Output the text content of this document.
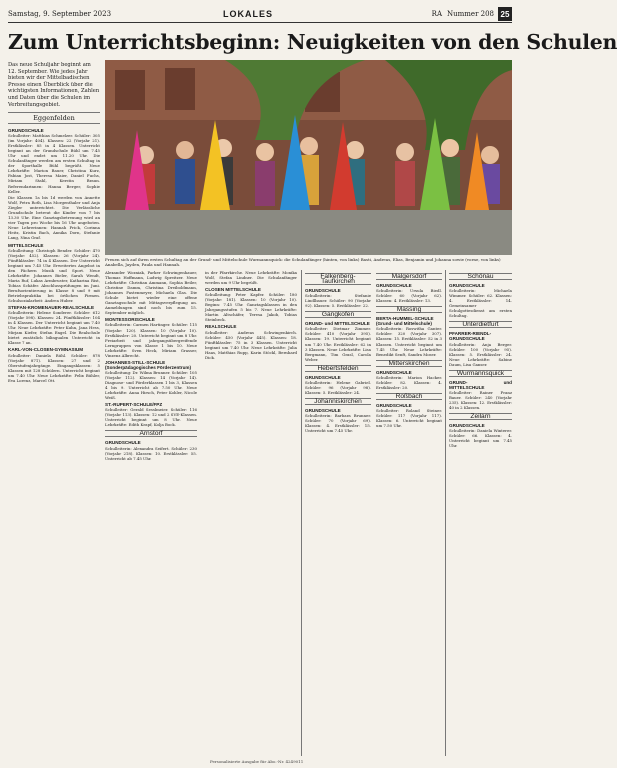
Samstag, 9. September 2023	LOKALES	RA Nummer 208 25
Zum Unterrichtsbeginn: Neuigkeiten von den Schulen
Das neue Schuljahr beginnt am 12. September. Wie jedes Jahr bieten wir der Mittelbadischen Presse einen Überblick über die wichtigsten Informationen, Zahlen und Daten über die Schulen im Verbreitungsgebiet.
Eggenfelden
GRUNDSCHULE

Schulleiter: Matthias Schmelzer. Schüler: 305 (im Vorjahr: 404). Klassen: 22 (Vorjahr 21). Erstklässler: 85 in 4 Klassen. Unterricht beginnt an der Grundschule Bühl um 7.45 Uhr und endet um 11.20 Uhr. Die Schulanfänger werden am ersten Schultag in der Sporthalle Bühl begrüßt. Neue Lehrkräfte: Marion Bauer, Christina Kurz, Fabian Jost, Theresa Maier, Daniel Fuchs, Miriam Stahl, Kerstin Braun. Referendarinnen: Hanna Berger, Sophie Keller.

Die Klassen 1a bis 1d werden von Annette Wolf, Petra Roth, Lisa Morgenthaler und Anja Ziegler unterrichtet. Die Verlässliche Grundschule betreut die Kinder von 7 bis 13.30 Uhr. Eine Ganztagsbetreuung wird an vier Tagen pro Woche bis 16 Uhr angeboten. Neue Lehrerinnen: Hannah Frick, Corinna Heitz, Kristin Bach, Annika Dorn, Stefanie Lang, Nina Graf.

MITTELSCHULE

Schulleitung: Christoph Bender. Schüler: 470 (Vorjahr: 452). Klassen: 26 (Vorjahr 24). Fünftklässler: 74 in 4 Klassen. Der Unterricht beginnt um 7.45 Uhr. Erweitertes Angebot in den Fächern Musik und Sport. Neue Lehrkräfte: Johannes Bieler, Sarah Wendt, Maria Ruf, Lukas Armbruster, Katharina Rist, Tobias Schäfer. Abschlussprüfungen im Juni. Berufsorientierung in Klasse 8 und 9 mit Betriebspraktika bei örtlichen Firmen. Schulsozialarbeit: Andrea Huber.

STEFAN-KROMENAUER-REALSCHULE

Schulleiterin: Helene Sonderer. Schüler: 612 (Vorjahr 598). Klassen: 24. Fünftklässler: 104 in 4 Klassen. Der Unterricht beginnt um 7.40 Uhr. Neue Lehrkräfte: Peter Kuhn, Jana Hess, Mirjam Kiefer, Stefan Engel. Die Realschule bietet zusätzlich bilingualen Unterricht in Klasse 7 an.

KARL-VON-CLOSEN-GYMNASIUM

Schulleiter: Daniela Rühl. Schüler: 878 (Vorjahr 871). Klassen: 27 und 2 Oberstufenjahrgänge. Eingangsklassen: 5 Klassen mit 128 Schülern. Unterricht beginnt um 7.40 Uhr. Neue Lehrkräfte: Felix Bühler, Eva Lorenz, Marcel Ott.

Freuen sich auf ihren ersten Schultag an der Grund- und Mittelschule Wurmannsquick: die Schulanfänger (hinten, von links) Basti, Andreas, Elias, Benjamin und Johanna sowie (vorne, von links) Anabella, Jayden, Paula und Hannah.

Alexander Wozniak, Parker Schwingenhauer, Thomas Hoffmann, Ludwig Spreitzer. Neue Lehrkräfte: Christian Ammann, Sophia Beiler, Christine Damm, Christina Dreiboldmann, Johannes Fastenmeyer, Michaela Glas. Die Schule bietet wieder eine offene Ganztagsschule mit Mittagsverpflegung an. Anmeldungen sind noch bis zum 15. September möglich.

MONTESSORISCHULE

Schulleiterin: Carmen Hartinger. Schüler: 115 (Vorjahr: 120). Klassen: 10 (Vorjahr 10). Erstklässler: 20. Unterricht beginnt um 8 Uhr. Freiarbeit und jahrgangsübergreifende Lerngruppen von Klasse 1 bis 10. Neue Lehrkräfte: Sven Heck, Miriam Grasser, Vinzenz Albrecht.

JOHANNES-STILL-SCHULE (Sonderpädagogisches Förderzentrum)

Schulleitung: Dr. Wilma Brunner. Schüler: 105 (Vorjahr 112). Klassen: 14 (Vorjahr 14). Diagnose- und Förderklassen 1 bis 3, Klassen 4 bis 9. Unterricht ab 7.50 Uhr. Neue Lehrkräfte: Anna Hirsch, Peter Kohler, Nicole Weiß.

ST.-RUPERT-SCHULE/FPZ

Schulleiter: Gerald Sesslmeier. Schüler: 116 (Vorjahr 113). Klassen: 12 und 2 SVE-Klassen. Unterricht beginnt um 8 Uhr. Neue Lehrkräfte: Edith Krapf, Kolja Bock.

Arnstorf
GRUNDSCHULE

Schulleiterin: Alexandra Seifert. Schüler: 230 (Vorjahr 218). Klassen: 10. Erstklässler: 55. Unterricht ab 7.45 Uhr.

in der Pfarrkirche. Neue Lehrkräfte: Monika Wolf, Stefan Lindner. Die Schulanfänger werden um 9 Uhr begrüßt.

CLOSEN MITTELSCHULE

Schulleitung: Peter Kapfer. Schüler: 180 (Vorjahr: 181). Klassen: 10 (Vorjahr 10). Beginn: 7.45 Uhr. Ganztagsklassen in den Jahrgangsstufen 5 bis 7. Neue Lehrkräfte: Martin Altschäfer, Teresa Jakob, Tobias Steinbeck.

REALSCHULE

Schulleiter: Andreas Schwingenkirch. Schüler: 450 (Vorjahr 445). Klassen: 18. Fünftklässler: 75 in 3 Klassen. Unterricht beginnt um 7.40 Uhr. Neue Lehrkräfte: Julia Haas, Matthias Rupp, Karin Stöckl, Bernhard Dick.

Falkenberg-Taufkirchen
GRUNDSCHULE

Schulleiterin: Stefanie Lindlbauer. Schüler: 90 (Vorjahr 92). Klassen: 5. Erstklässler: 22.

Gangkofen
GRUND- und MITTELSCHULE

Schulleiter: Dietmar Zimmer. Schüler: 410 (Vorjahr 395). Klassen: 19. Unterricht beginnt um 7.40 Uhr. Erstklässler: 62 in 3 Klassen. Neue Lehrkräfte: Lisa Bergmann, Tim Grasl, Carola Weber.

Hebertsfelden
GRUNDSCHULE

Schulleiterin: Helene Gabriel. Schüler: 96 (Vorjahr 98). Klassen: 5. Erstklässler: 24.

Johanniskirchen
GRUNDSCHULE

Schulleiterin: Barbara Brunner. Schüler: 70 (Vorjahr 69). Klassen: 4. Erstklässler: 15. Unterricht um 7.45 Uhr.

Malgersdorf
GRUNDSCHULE

Schulleiterin: Ursula Biedl. Schüler: 60 (Vorjahr 62). Klassen: 4. Erstklässler: 13.

Massing
BERTA-HUMMEL-SCHULE (Grund- und Mittelschule)

Schulleiterin: Roswitha Ganter. Schüler: 320 (Vorjahr 307). Klassen: 15. Erstklässler: 52 in 3 Klassen. Unterricht beginnt um 7.45 Uhr. Neue Lehrkräfte: Benedikt Senft, Sandra Moser.

Mitterskirchen
GRUNDSCHULE

Schulleiterin: Marion Hacker. Schüler: 82. Klassen: 4. Erstklässler: 20.

Roßbach
GRUNDSCHULE

Schulleiter: Roland Steiner. Schüler: 117 (Vorjahr 117). Klassen: 6. Unterricht beginnt um 7.50 Uhr.

Schönau
GRUNDSCHULE

Schulleiterin: Michaela Wimmer. Schüler: 62. Klassen: 4. Erstklässler: 14. Gemeinsamer Schulgottesdienst am ersten Schultag.

Unterdietfurt
PFARRER-RIENDL-GRUNDSCHULE

Schulleiterin: Anja Berger. Schüler: 100 (Vorjahr 95). Klassen: 5. Erstklässler: 24. Neue Lehrkräfte: Sabine Daum, Lisa Ganser.

Wurmannsquick
GRUND- und MITTELSCHULE

Schulleiter: Rainer Franz Bauer. Schüler: 240 (Vorjahr 235). Klassen: 12. Erstklässler: 40 in 2 Klassen.

Zeilarn
GRUNDSCHULE

Schulleiterin: Daniela Winterer. Schüler: 66. Klassen: 4. Unterricht beginnt um 7.45 Uhr.

Personalisierte Ausgabe für Abo.-Nr. 4249011
